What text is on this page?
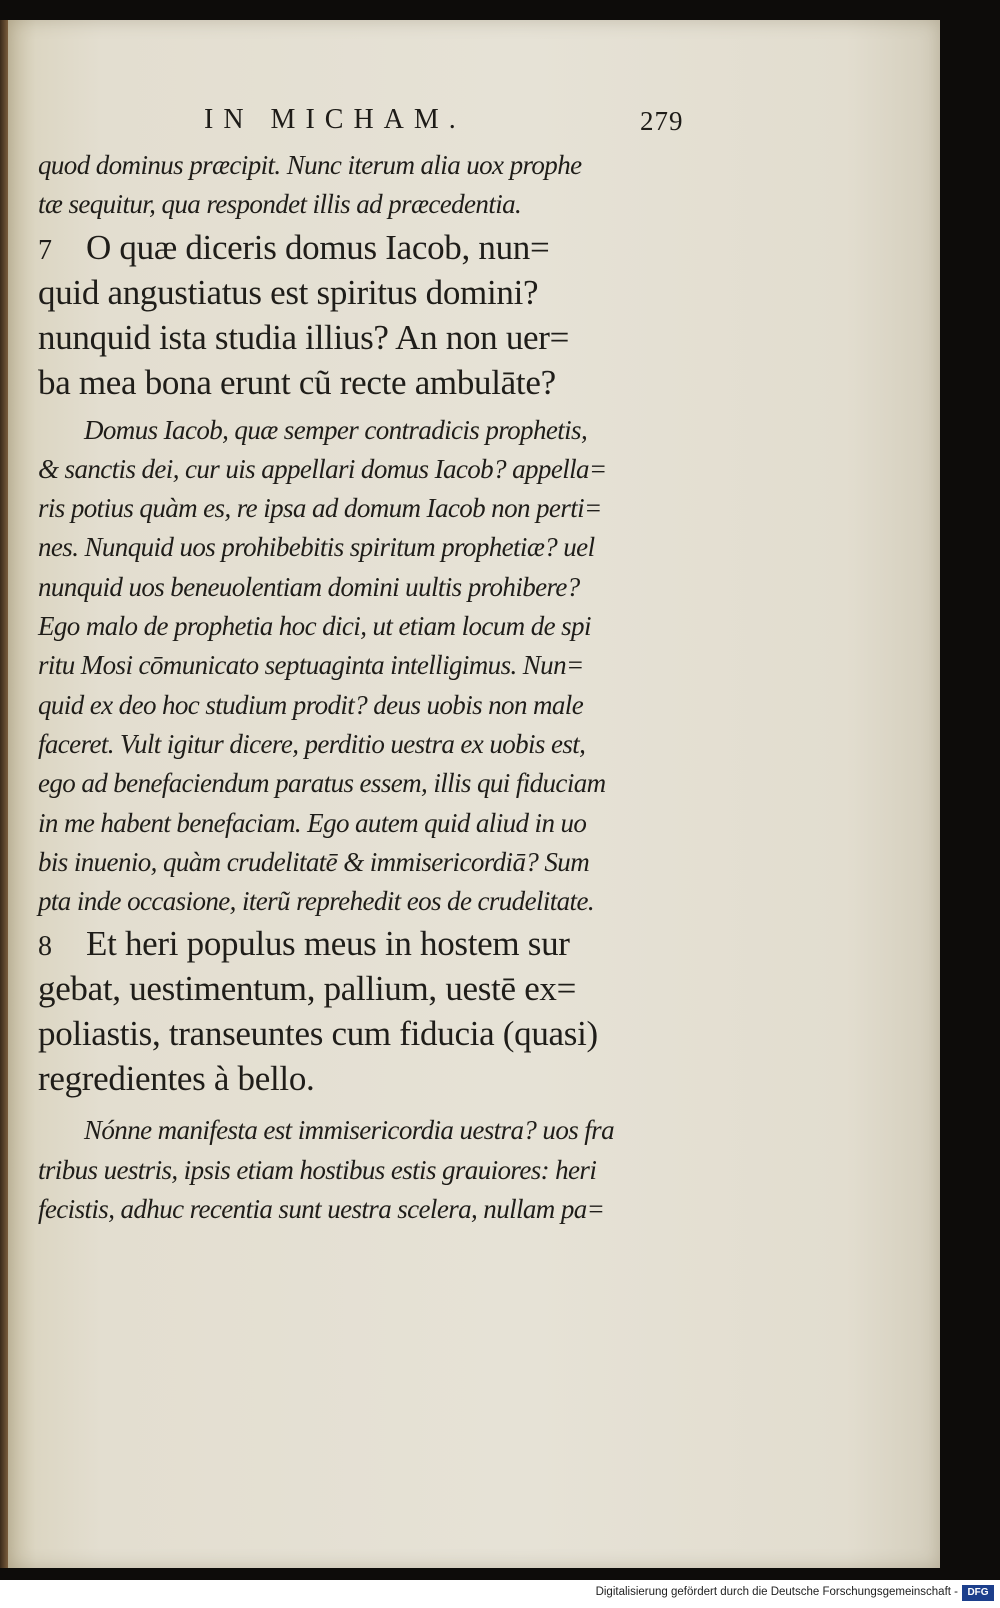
IN MICHAM.	279
quod dominus præcipit. Nunc iterum alia uox prophe
tæ sequitur, qua respondet illis ad præcedentia.
7 O quæ diceris domus Iacob, nun=
quid angustiatus est spiritus domini?
nunquid ista studia illius? An non uer=
ba mea bona erunt cũ recte ambulāte?
Domus Iacob, quæ semper contradicis prophetis,
& sanctis dei, cur uis appellari domus Iacob? appella=
ris potius quàm es, re ipsa ad domum Iacob non perti=
nes. Nunquid uos prohibebitis spiritum prophetiæ? uel
nunquid uos beneuolentiam domini uultis prohibere?
Ego malo de prophetia hoc dici, ut etiam locum de spi
ritu Mosi cōmunicato septuaginta intelligimus. Nun=
quid ex deo hoc studium prodit? deus uobis non male
faceret. Vult igitur dicere, perditio uestra ex uobis est,
ego ad benefaciendum paratus essem, illis qui fiduciam
in me habent benefaciam. Ego autem quid aliud in uo
bis inuenio, quàm crudelitatē & immisericordiā? Sum
pta inde occasione, iterũ reprehedit eos de crudelitate.
8 Et heri populus meus in hostem sur
gebat, uestimentum, pallium, uestē ex=
poliastis, transeuntes cum fiducia (quasi)
regredientes à bello.
Nónne manifesta est immisericordia uestra? uos fra
tribus uestris, ipsis etiam hostibus estis grauiores: heri
fecistis, adhuc recentia sunt uestra scelera, nullam pa=
Digitalisierung gefördert durch die Deutsche Forschungsgemeinschaft - DFG
